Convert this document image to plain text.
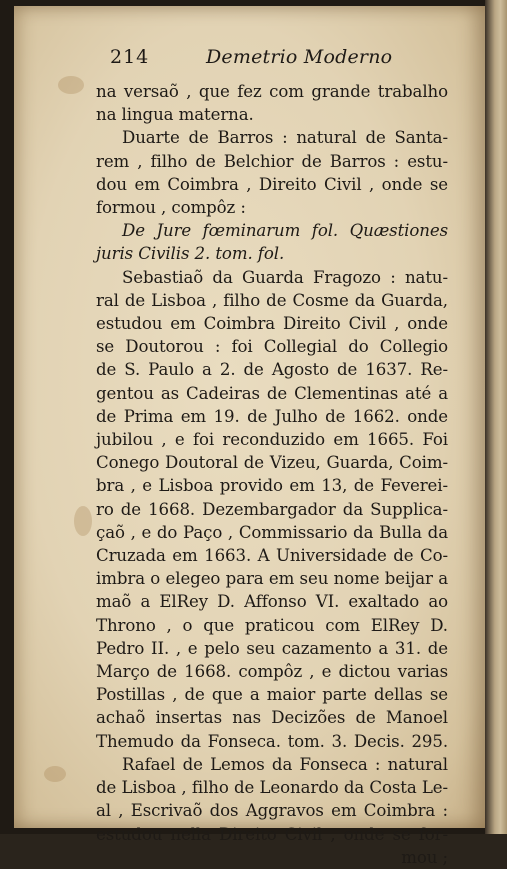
214	Demetrio Moderno
na versaõ , que fez com grande trabalho
na lingua materna.
Duarte de Barros : natural de Santa-
rem , filho de Belchior de Barros : estu-
dou em Coimbra , Direito Civil , onde se
formou , compôz :
De Jure fœminarum fol. Quæstiones
juris Civilis 2. tom. fol.
Sebastiaõ da Guarda Fragozo : natu-
ral de Lisboa , filho de Cosme da Guarda,
estudou em Coimbra Direito Civil , onde
se Doutorou : foi Collegial do Collegio
de S. Paulo a 2. de Agosto de 1637. Re-
gentou as Cadeiras de Clementinas até a
de Prima em 19. de Julho de 1662. onde
jubilou , e foi reconduzido em 1665. Foi
Conego Doutoral de Vizeu, Guarda, Coim-
bra , e Lisboa provido em 13, de Feverei-
ro de 1668. Dezembargador da Supplica-
çaõ , e do Paço , Commissario da Bulla da
Cruzada em 1663. A Universidade de Co-
imbra o elegeo para em seu nome beijar a
maõ a ElRey D. Affonso VI. exaltado ao
Throno , o que praticou com ElRey D.
Pedro II. , e pelo seu cazamento a 31. de
Março de 1668. compôz , e dictou varias
Postillas , de que a maior parte dellas se
achaõ insertas nas Decizões de Manoel
Themudo da Fonseca. tom. 3. Decis. 295.
Rafael de Lemos da Fonseca : natural
de Lisboa , filho de Leonardo da Costa Le-
al , Escrivaõ dos Aggravos em Coimbra :
estudou nella Direito Civil , onde se for-
mou ;
